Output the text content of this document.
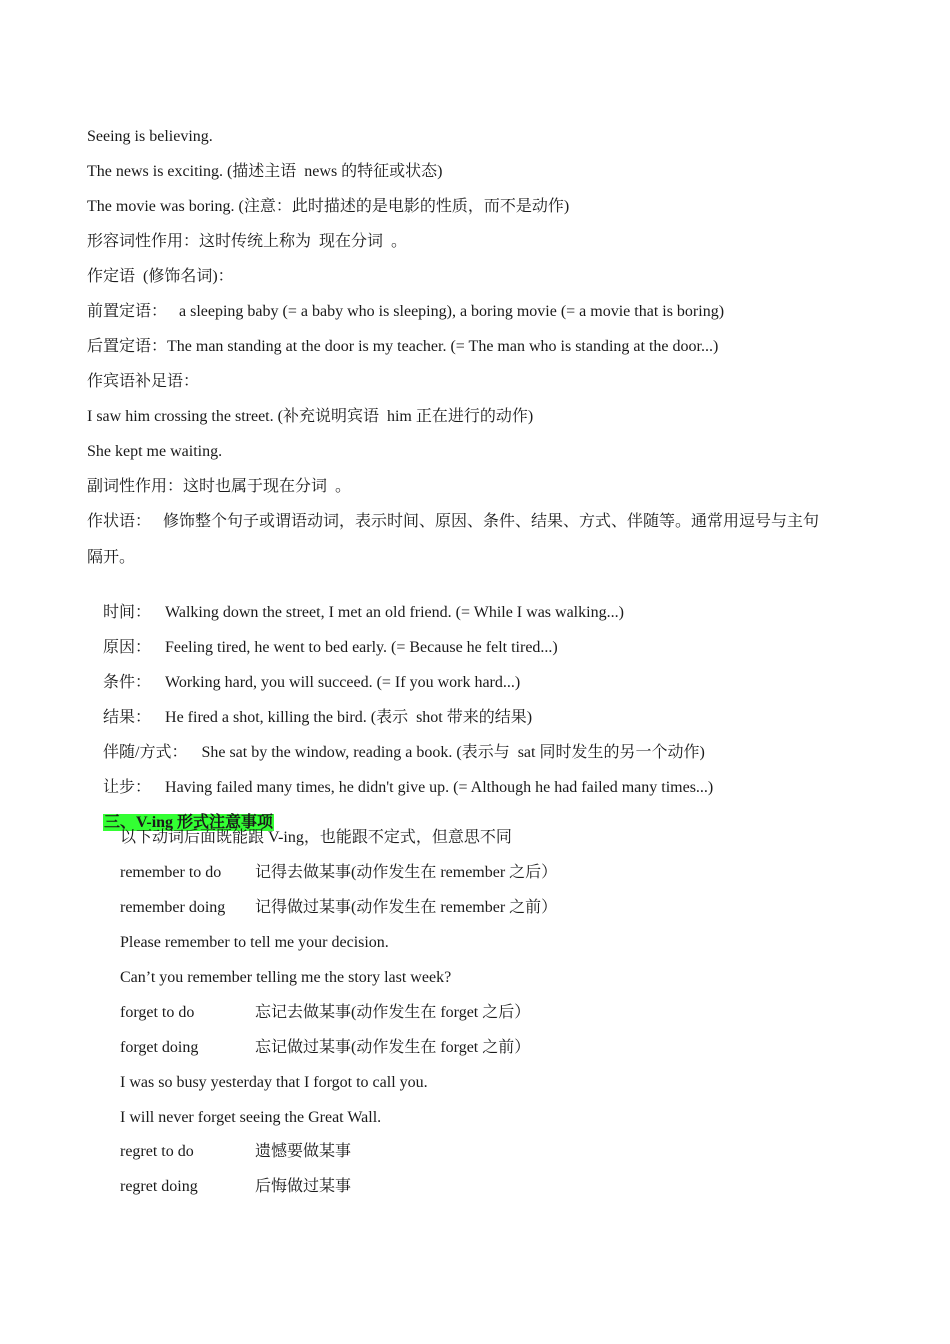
Seeing is believing.
The news is exciting. (描述主语  news 的特征或状态)
The movie was boring. (注意：此时描述的是电影的性质，而不是动作)
形容词性作用：这时传统上称为  现在分词  。
作定语  (修饰名词)：
前置定语：   a sleeping baby (= a baby who is sleeping), a boring movie (= a movie that is boring)
后置定语：The man standing at the door is my teacher. (= The man who is standing at the door...)
作宾语补足语：
I saw him crossing the street. (补充说明宾语  him 正在进行的动作)
She kept me waiting.
副词性作用：这时也属于现在分词  。
作状语：   修饰整个句子或谓语动词，表示时间、原因、条件、结果、方式、伴随等。通常用逗号与主句
隔开。

时间： Walking down the street, I met an old friend. (= While I was walking...)

原因： Feeling tired, he went to bed early. (= Because he felt tired...)

条件： Working hard, you will succeed. (= If you work hard...)

结果： He fired a shot, killing the bird. (表示  shot 带来的结果)

伴随/方式： She sat by the window, reading a book. (表示与  sat 同时发生的另一个动作)

让步： Having failed many times, he didn't give up. (= Although he had failed many times...)

三、V-ing 形式注意事项

以下动词后面既能跟 V-ing，也能跟不定式，但意思不同
remember to do 记得去做某事(动作发生在 remember 之后）
remember doing 记得做过某事(动作发生在 remember 之前）
Please remember to tell me your decision.
Can’t you remember telling me the story last week?
forget to do	忘记去做某事(动作发生在 forget 之后）
forget doing	忘记做过某事(动作发生在 forget 之前）
I was so busy yesterday that I forgot to call you.
I will never forget seeing the Great Wall.
regret to do	遗憾要做某事
regret doing	后悔做过某事
